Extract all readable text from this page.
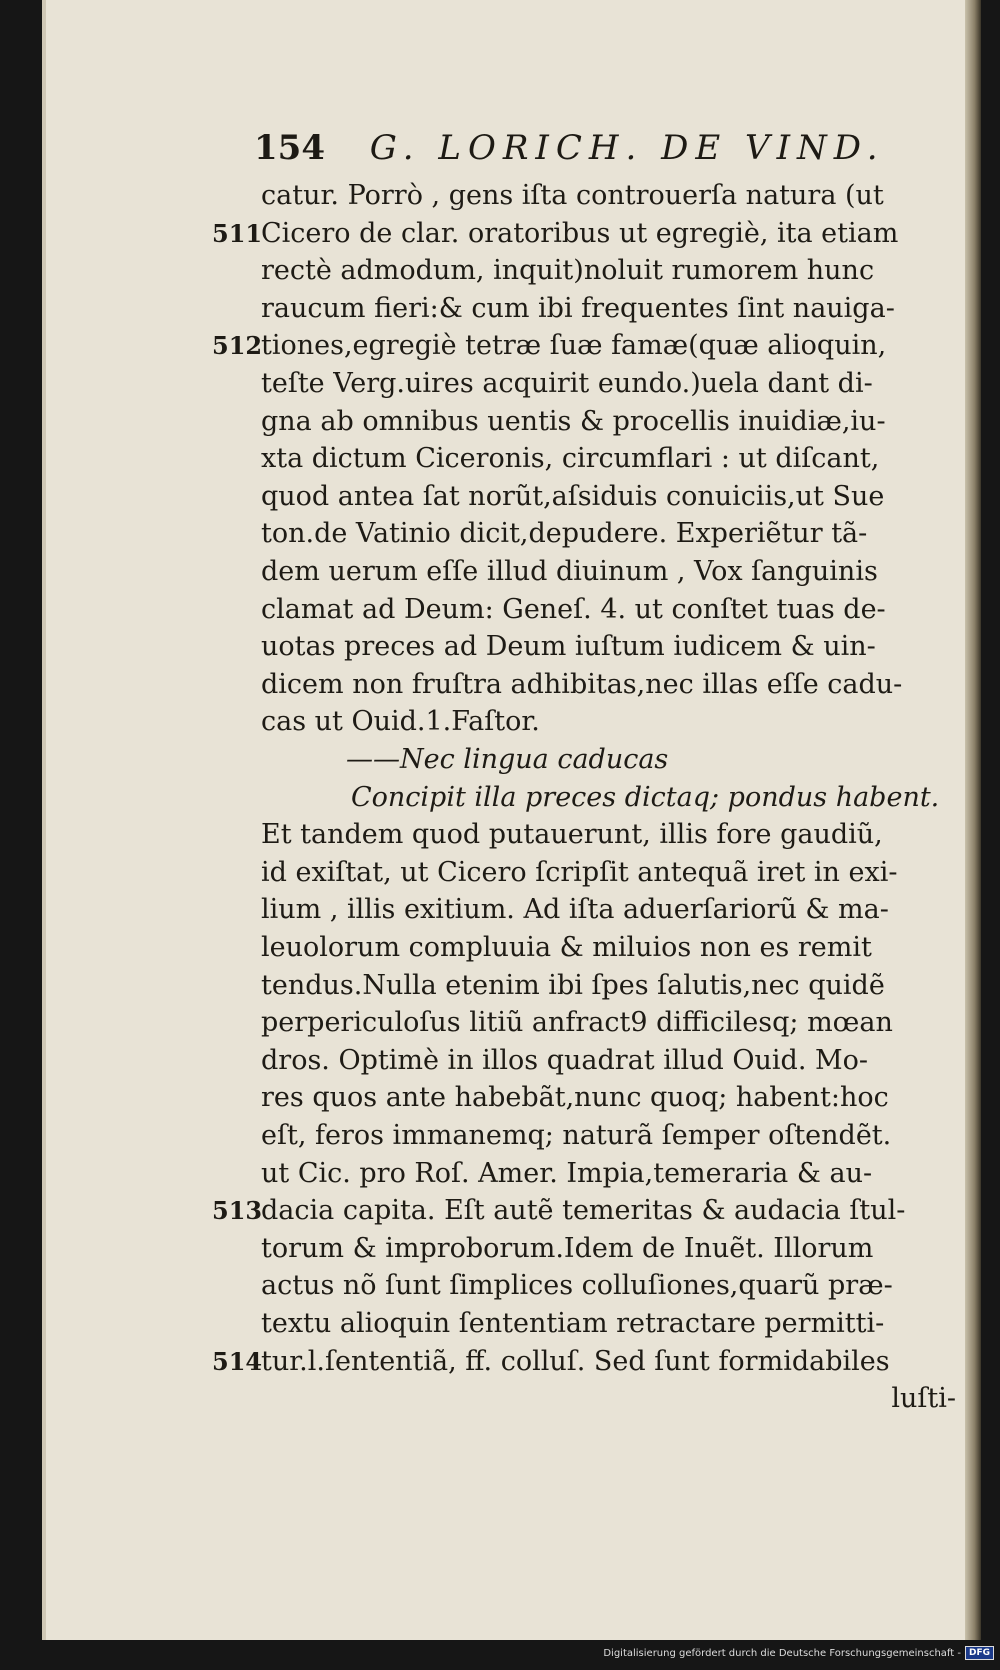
154 G. LORICH. DE VIND.
catur. Porrò , gens iſta controuerſa natura (ut
511
Cicero de clar. oratoribus ut egregiè, ita etiam
rectè admodum, inquit)noluit rumorem hunc
raucum fieri:& cum ibi frequentes ſint nauiga-
512
tiones,egregiè tetræ ſuæ famæ(quæ alioquin,
teſte Verg.uires acquirit eundo.)uela dant di-
gna ab omnibus uentis & procellis inuidiæ,iu-
xta dictum Ciceronis, circumflari : ut diſcant,
quod antea ſat norũt,aſsiduis conuiciis,ut Sue
ton.de Vatinio dicit,depudere. Experiẽtur tã-
dem uerum eſſe illud diuinum , Vox ſanguinis
clamat ad Deum: Geneſ. 4. ut conſtet tuas de-
uotas preces ad Deum iuſtum iudicem & uin-
dicem non fruſtra adhibitas,nec illas eſſe cadu-
cas ut Ouid.1.Faſtor.
——Nec lingua caducas
Concipit illa preces dictaq; pondus habent.
Et tandem quod putauerunt, illis fore gaudiũ,
id exiſtat, ut Cicero ſcripſit antequã iret in exi-
lium , illis exitium. Ad iſta aduerſariorũ & ma-
leuolorum compluuia & miluios non es remit
tendus.Nulla etenim ibi ſpes ſalutis,nec quidẽ
perpericuloſus litiũ anfract9 difficilesq; mœan
dros. Optimè in illos quadrat illud Ouid. Mo-
res quos ante habebãt,nunc quoq; habent:hoc
eſt, feros immanemq; naturã ſemper oſtendẽt.
ut Cic. pro Roſ. Amer. Impia,temeraria & au-
513
dacia capita. Eſt autẽ temeritas & audacia ſtul-
torum & improborum.Idem de Inuẽt. Illorum
actus nõ ſunt ſimplices colluſiones,quarũ præ-
textu alioquin ſententiam retractare permitti-
514
tur.l.ſententiã, ff. colluſ. Sed ſunt formidabiles
luſti-
Digitalisierung gefördert durch die Deutsche Forschungsgemeinschaft - DFG
